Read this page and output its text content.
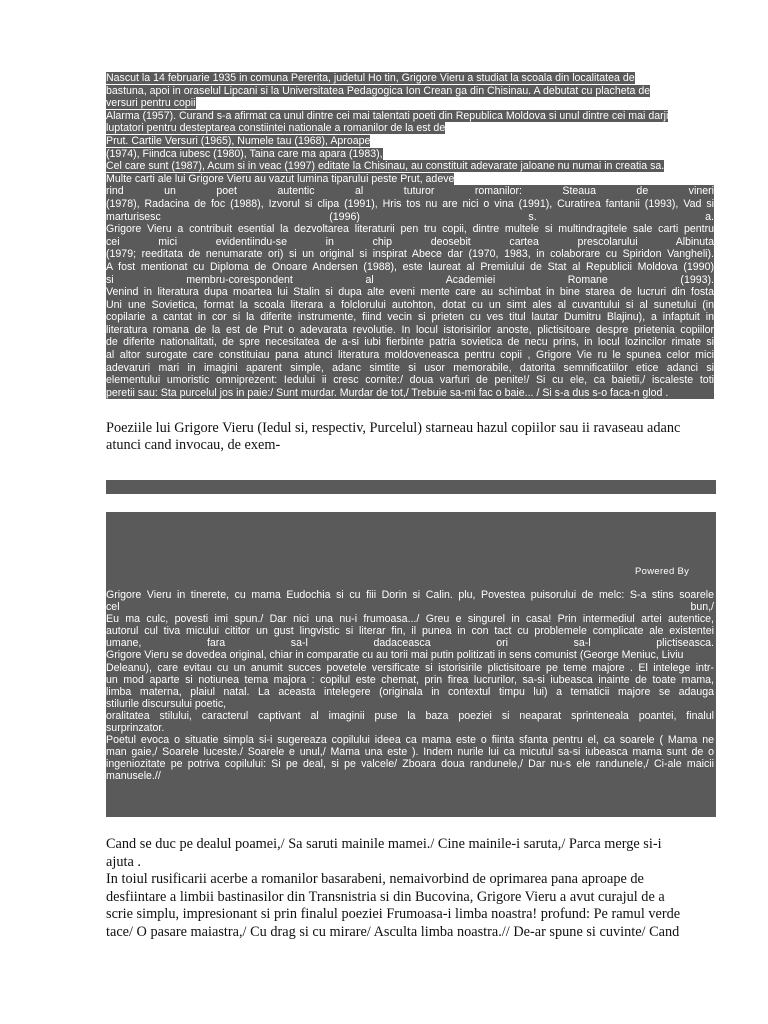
Nascut la 14 februarie 1935 in comuna Pererita, judetul Ho tin, Grigore Vieru a studiat la scoala din localitatea de
bastuna, apoi in oraselul Lipcani si la Universitatea Pedagogica Ion Crean ga din Chisinau. A debutat cu placheta de
versuri pentru copii
Alarma (1957). Curand s-a afirmat ca unul dintre cei mai talentati poeti din Republica Moldova si unul dintre cei mai darji
luptatori pentru desteptarea constiintei nationale a romanilor de la est de
Prut. Cartile Versuri (1965), Numele tau (1968), Aproape
(1974), Fiindca iubesc (1980), Taina care ma apara (1983),
Cel care sunt (1987), Acum si in veac (1997) editate la Chisinau, au constituit adevarate jaloane nu numai in creatia sa.
Multe carti ale lui Grigore Vieru au vazut lumina tiparului peste Prut, adeve
rind un poet autentic al tuturor romanilor: Steaua de vineri
(1978), Radacina de foc (1988), Izvorul si clipa (1991), Hris tos nu are nici o vina (1991), Curatirea fantanii (1993), Vad si
marturisesc (1996) s. a.
Grigore Vieru a contribuit esential la dezvoltarea literaturii pen tru copii, dintre multele si multindragitele sale carti pentru
cei mici evidentiindu-se in chip deosebit cartea prescolarului Albinuta
(1979; reeditata de nenumarate ori) si un original si inspirat Abece dar (1970, 1983, in colaborare cu Spiridon Vangheli).
A fost mentionat cu Diploma de Onoare Andersen (1988), este laureat al Premiului de Stat al Republicii Moldova (1990)
si membru-corespondent al Academiei Romane (1993).
Venind in literatura dupa moartea lui Stalin si dupa alte eveni mente care au schimbat in bine starea de lucruri din fosta
Uni une Sovietica, format la scoala literara a folclorului autohton, dotat cu un simt ales al cuvantului si al sunetului (in
copilarie a cantat in cor si la diferite instrumente, fiind vecin si prieten cu ves titul lautar Dumitru Blajinu), a infaptuit in
literatura romana de la est de Prut o adevarata revolutie. In locul istorisirilor anoste, plictisitoare despre prietenia copiilor
de diferite nationalitati, de spre necesitatea de a-si iubi fierbinte patria sovietica de necu prins, in locul lozincilor rimate si
al altor surogate care constituiau pana atunci literatura moldoveneasca pentru copii , Grigore Vie ru le spunea celor mici
adevaruri mari in imagini aparent simple, adanc simtite si usor memorabile, datorita semnificatiilor etice adanci si
elementului umoristic omniprezent: Iedului ii cresc cornite:/ doua varfuri de penite!/ Si cu ele, ca baietii,/ iscaleste toti
peretii sau: Sta purcelul jos in paie:/ Sunt murdar. Murdar de tot,/ Trebuie sa-mi fac o baie... / Si s-a dus s-o faca-n glod .
Poeziile lui Grigore Vieru (Iedul si, respectiv, Purcelul) starneau hazul copiilor sau ii ravaseau adanc atunci cand invocau, de exem-
Powered By
Grigore Vieru in tinerete, cu mama Eudochia si cu fiii Dorin si Calin. plu, Povestea puisorului de melc: S-a stins soarele
cel	bun,/
Eu ma culc, povesti imi spun./ Dar nici una nu-i frumoasa.../ Greu e singurel in casa! Prin intermediul artei autentice,
autorul cul tiva micului cititor un gust lingvistic si literar fin, il punea in con tact cu problemele complicate ale existentei
umane, fara sa-l dadaceasca ori sa-l plictiseasca.
Grigore Vieru se dovedea original, chiar in comparatie cu au torii mai putin politizati in sens comunist (George Meniuc, Liviu
Deleanu), care evitau cu un anumit succes povetele versificate si istorisirile plictisitoare pe teme majore . El intelege intr-
un mod aparte si notiunea tema majora : copilul este chemat, prin firea lucrurilor, sa-si iubeasca inainte de toate mama,
limba materna, plaiul natal. La aceasta intelegere (originala in contextul timpu lui) a tematicii majore se adauga
stilurile discursului poetic,
oralitatea stilului, caracterul captivant al imaginii puse la baza poeziei si neaparat sprinteneala poantei, finalul
surprinzator.
Poetul evoca o situatie simpla si-i sugereaza copilului ideea ca mama este o fiinta sfanta pentru el, ca soarele ( Mama ne
man gaie,/ Soarele luceste./ Soarele e unul,/ Mama una este ). Indem nurile lui ca micutul sa-si iubeasca mama sunt de o
ingeniozitate pe potriva copilului: Si pe deal, si pe valcele/ Zboara doua randunele,/ Dar nu-s ele randunele,/ Ci-ale maicii
manusele.//
Cand se duc pe dealul poamei,/ Sa saruti mainile mamei./ Cine mainile-i saruta,/ Parca merge si-i
ajuta .
In toiul rusificarii acerbe a romanilor basarabeni, nemaivorbind de oprimarea pana aproape de
desfiintare a limbii bastinasilor din Transnistria si din Bucovina, Grigore Vieru a avut curajul de a
scrie simplu, impresionant si prin finalul poeziei Frumoasa-i limba noastra! profund: Pe ramul verde
tace/ O pasare maiastra,/ Cu drag si cu mirare/ Asculta limba noastra.// De-ar spune si cuvinte/ Cand
